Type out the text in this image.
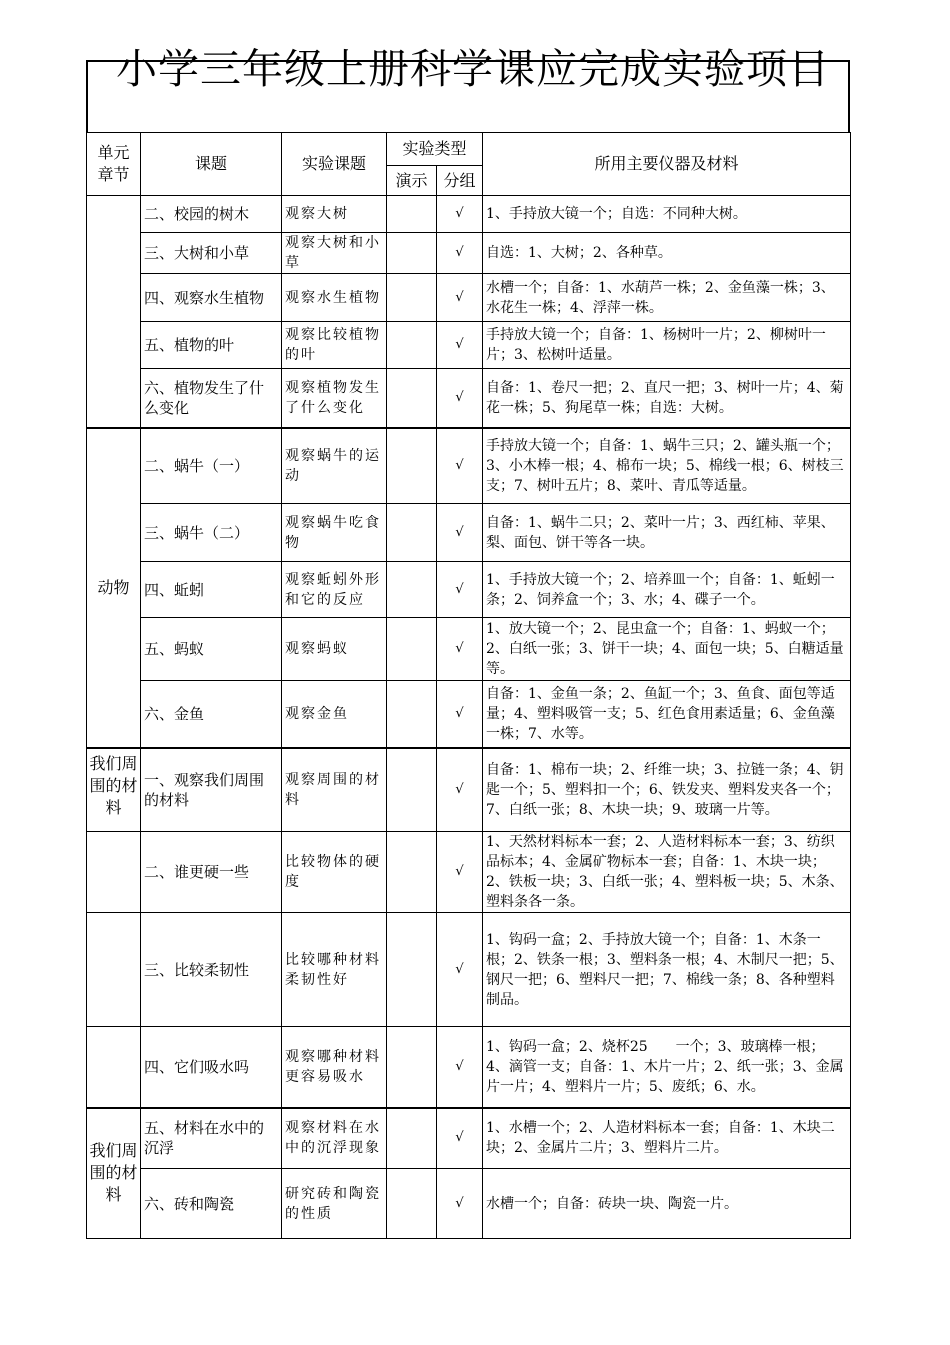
小学三年级上册科学课应完成实验项目
单元章节	课题	实验课题	实验类型		所用主要仪器及材料
			演示	分组	
	二、校园的树木	观察大树		√	1、手持放大镜一个；自选：不同种大树。
	三、大树和小草	观察大树和小草		√	自选：1、大树；2、各种草。
	四、观察水生植物	观察水生植物		√	水槽一个；自备：1、水葫芦一株；2、金鱼藻一株；3、水花生一株；4、浮萍一株。
	五、植物的叶	观察比较植物的叶		√	手持放大镜一个；自备：1、杨树叶一片；2、柳树叶一片；3、松树叶适量。
	六、植物发生了什么变化	观察植物发生了什么变化		√	自备：1、卷尺一把；2、直尺一把；3、树叶一片；4、菊花一株；5、狗尾草一株；自选：大树。
动物	二、蜗牛（一）	观察蜗牛的运动		√	手持放大镜一个；自备：1、蜗牛三只；2、罐头瓶一个；3、小木棒一根；4、棉布一块；5、棉线一根；6、树枝三支；7、树叶五片；8、菜叶、青瓜等适量。
	三、蜗牛（二）	观察蜗牛吃食物		√	自备：1、蜗牛二只；2、菜叶一片；3、西红柿、苹果、梨、面包、饼干等各一块。
	四、蚯蚓	观察蚯蚓外形和它的反应		√	1、手持放大镜一个；2、培养皿一个；自备：1、蚯蚓一条；2、饲养盒一个；3、水；4、碟子一个。
	五、蚂蚁	观察蚂蚁		√	1、放大镜一个；2、昆虫盒一个；自备：1、蚂蚁一个；2、白纸一张；3、饼干一块；4、面包一块；5、白糖适量等。
	六、金鱼	观察金鱼		√	自备：1、金鱼一条；2、鱼缸一个；3、鱼食、面包等适量；4、塑料吸管一支；5、红色食用素适量；6、金鱼藻一株；7、水等。
我们周围的材料	一、观察我们周围的材料	观察周围的材料		√	自备：1、棉布一块；2、纤维一块；3、拉链一条；4、钥匙一个；5、塑料扣一个；6、铁发夹、塑料发夹各一个；7、白纸一张；8、木块一块；9、玻璃一片等。
	二、谁更硬一些	比较物体的硬度		√	1、天然材料标本一套；2、人造材料标本一套；3、纺织品标本；4、金属矿物标本一套；自备：1、木块一块；2、铁板一块；3、白纸一张；4、塑料板一块；5、木条、塑料条各一条。
	三、比较柔韧性	比较哪种材料柔韧性好		√	1、钩码一盒；2、手持放大镜一个；自备：1、木条一根；2、铁条一根；3、塑料条一根；4、木制尺一把；5、钢尺一把；6、塑料尺一把；7、棉线一条；8、各种塑料制品。
	四、它们吸水吗	观察哪种材料更容易吸水		√	1、钩码一盒；2、烧杯25　　一个；3、玻璃棒一根；4、滴管一支；自备：1、木片一片；2、纸一张；3、金属片一片；4、塑料片一片；5、废纸；6、水。
我们周围的材料	五、材料在水中的沉浮	观察材料在水中的沉浮现象		√	1、水槽一个；2、人造材料标本一套；自备：1、木块二块；2、金属片二片；3、塑料片二片。
	六、砖和陶瓷	研究砖和陶瓷的性质		√	水槽一个；自备：砖块一块、陶瓷一片。
